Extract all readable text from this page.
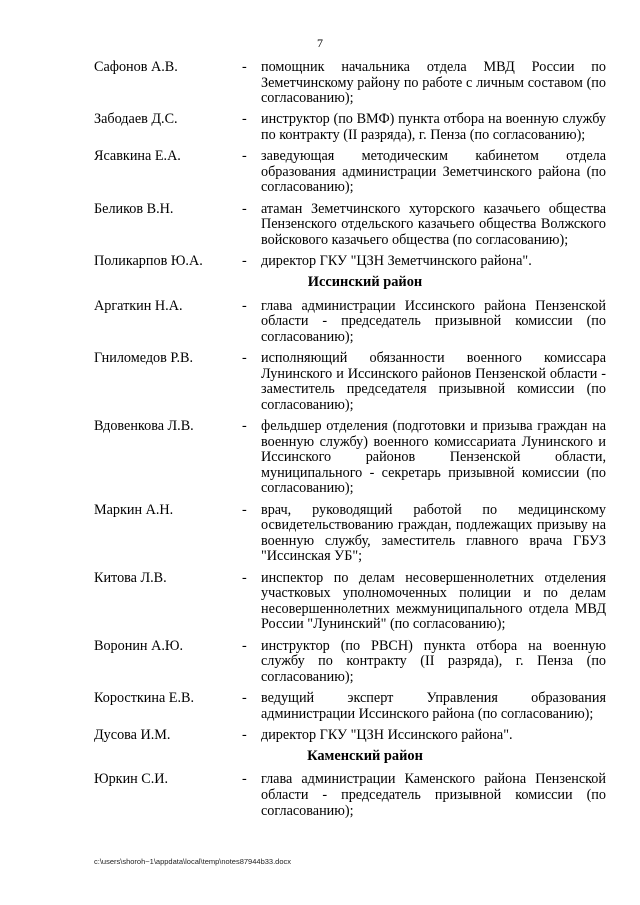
7
Сафонов А.В.	-	помощник начальника отдела МВД России по Земетчинскому району по работе с личным составом (по согласованию);
Забодаев Д.С.	-	инструктор (по ВМФ) пункта отбора на военную службу по контракту (II разряда), г. Пенза (по согласованию);
Ясавкина Е.А.	-	заведующая методическим кабинетом отдела образования администрации Земетчинского района (по согласованию);
Беликов В.Н.	-	атаман Земетчинского хуторского казачьего общества Пензенского отдельского казачьего общества Волжского войскового казачьего общества (по согласованию);
Поликарпов Ю.А.	-	директор ГКУ "ЦЗН Земетчинского района".
Иссинский район
Аргаткин Н.А.	-	глава администрации Иссинского района Пензенской области - председатель призывной комиссии (по согласованию);
Гниломедов Р.В.	-	исполняющий обязанности военного комиссара Лунинского и Иссинского районов Пензенской области - заместитель председателя призывной комиссии (по согласованию);
Вдовенкова Л.В.	-	фельдшер отделения (подготовки и призыва граждан на военную службу) военного комиссариата Лунинского и Иссинского районов Пензенской области, муниципального - секретарь призывной комиссии (по согласованию);
Маркин А.Н.	-	врач, руководящий работой по медицинскому освидетельствованию граждан, подлежащих призыву на военную службу, заместитель главного врача ГБУЗ "Иссинская УБ";
Китова Л.В.	-	инспектор по делам несовершеннолетних отделения участковых уполномоченных полиции и по делам несовершеннолетних межмуниципального отдела МВД России "Лунинский" (по согласованию);
Воронин А.Ю.	-	инструктор (по РВСН) пункта отбора на военную службу по контракту (II разряда), г. Пенза (по согласованию);
Коросткина Е.В.	-	ведущий эксперт Управления образования администрации Иссинского района (по согласованию);
Дусова И.М.	-	директор ГКУ "ЦЗН Иссинского района".
Каменский район
Юркин С.И.	-	глава администрации Каменского района Пензенской области - председатель призывной комиссии (по согласованию);
c:\users\shoroh~1\appdata\local\temp\notes87944b33.docx
